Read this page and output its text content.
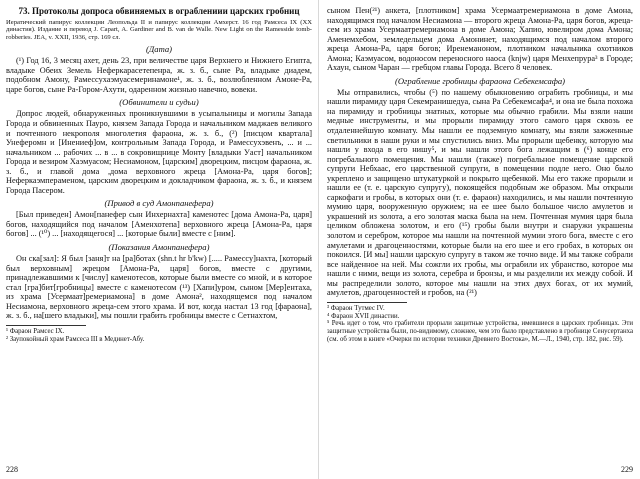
73. Протоколы допроса обвиняемых в ограблениии царских гробниц

Иератический папирус коллекции Леопольда II и папирус коллекции Амхерст. 16 год Рамсеса IX (XX династия). Издание и перевод J. Capart, A. Gardiner and B. van de Walle. New Light on the Ramesside tomb-robberies. JEA, v. XXII, 1936, стр. 169 сл.

(Дата)

(¹) Год 16, 3 месяц ахет, день 23, при величестве царя Верхнего и Нижнего Египта, владыке Обеих Земель Неферкарасетепенра, ж. з. б., сыне Ра, владыке диадем, подобном Амону, Рамессухаэмуасемеринамоне¹, ж. з. б., возлюбленном Амоне-Ра, царе богов, сыне Ра-Гором-Ахути, одаренном жизнью навечно, вовеки.

(Обвинители и судьи)

Допрос людей, обнаруженных проникнувшими в усыпальницы и могилы Запада Города и обвиненных Пауро, князем Запада Города и начальником маджаев великого и почтенного некрополя многолетия фараона, ж. з. б., (²) [писцом квартала] Унеферомн и [Инениеф]ом, контрольным Запада Города, и Рамессухэвенъ, ... и ... начальником ... рабочих ... в ... в сокровищнице Монту [владыки Уаст] начальником Города и везиром Хаэмуасом; Несиамоном, [царским] дворецким, писцом фараона, ж. з. б., и главой дома ,дома верховного жреца [Амона-Ра, царя богов]; Неферкаэмпераменом, царским дворецким и докладчиком фараона, ж. з. б., и князем Города Пасером.

(Привод в суд Амонпанефера)

[Был приведен] Амон[панефер сын Инхернахта] каменотес [дома Амона-Ра, царя] богов, находящийся под началом [Аменхотепа] верховного жреца [Амона-Ра, царя богов] ... (¹⁰) ... [находящегося] ... [которые были] вместе с [ним].

(Показания Амонпанефера)

Он ска[зал]: Я был [заня]т на [ра]ботах (shn.t hr b'kw) [..... Рамессу]нахта, [который был верховным] жрецом [Амона-Ра, царя] богов, вместе с другими, принадлежавшими к [числу] каменотесов, которые были вместе со мной, и в которое стал [гра]бит[гробницы] вместе с каменотесом (¹³) [Хапи]уром, сыном [Мер]ентаха, из храма [Усермаат]ремериамона] в доме Амона², находящемся под началом Несиамона, верховного жреца-сем этого храма. И вот, когда настал 13 год [фараона], ж. з. б., на[шего владыки], мы пошли грабить гробницы вместе с Сетнахтом,

¹ Фараон Рамсес IX.

² Заупокойный храм Рамсеса III в Мединет-Абу.

228

сыном Пен(²¹) анкета, [плотником] храма Усермаатремериамона в доме Амона, находящимся под началом Несиамона — второго жреца Амона-Ра, царя богов, жреца-сем из храма Усермаатремериамона в доме Амона; Хапио, ювелиром дома Амона; Аменемхебом, земледельцем дома Амонинет, находящимся под началом второго жреца Амона-Ра, царя богов; Иренеманоном, плотником начальника охотников Амона; Каэмуасом, водоносом переносного наоса (knjw) царя Менхепрура³ в Городе; Ахаун, сыном Чаран — гребцом главы Города. Всего 8 человек.

(Ограбление гробницы фараона Себекемсафа)

Мы отправились, чтобы (⁵) по нашему обыкновению ограбить гробницы, и мы нашли пирамиду царя Секемранишедуа, сына Ра Себекемсафа⁴, и она не была похожа на пирамиду и гробницы знатных, которые мы обычно грабили. Мы взяли наши медные инструменты, и мы прорыли пирамиду этого самого царя сквозь ее отдаленнейшую комнату. Мы нашли ее подземную комнату, мы взяли зажженные светильники в наши руки и мы спустились вниз. Мы прорыли щебенку, которую мы нашли у входа в его нишу⁵, и мы нашли этого бога лежащим в (⁶) конце его погребального помещения. Мы нашли (также) погребальное помещение царской супруги Небхаас, его царственной супруги, в помещении подле него. Оно было укреплено и защищено штукатуркой и покрыто щебенкой. Мы его также прорыли и нашли ее (т. е. царскую супругу), покоящейся подобным же образом. Мы открыли саркофаги и гробы, в которых они (т. е. фараон) находились, и мы нашли почтенную мумию царя, вооруженную оружием; на ее шее было большое число амулетов и украшений из золота, а его золотая маска была на нем. Почтенная мумия царя была целиком обложена золотом, и его (¹⁵) гробы были внутри и снаружи украшены золотом и серебром, которое мы нашли на почтенной мумии этого бога, вместе с его амулетами и драгоценностями, которые были на его шее и его гробах, в которых он покоился. [И мы] нашли царскую супругу в таком же точно виде. И мы также собрали все найденное на ней. Мы сожгли их гробы, мы ограбили их убранство, которое мы нашли с ними, вещи из золота, серебра и бронзы, и мы разделили их между собой. И мы распределили золото, которое мы нашли на этих двух богах, от их мумий, амулетов, драгоценностей и гробов, на (²¹)

³ Фараон Тутмес IV.

⁴ Фараон XVII династии.

⁵ Речь идет о том, что грабители прорыли защитные устройства, имевшиеся в царских гробницах. Эти защитные устройства были, по-видимому, сложнее, чем это было представлено в гробнице Сенусертанха (см. об этом в книге «Очерки по истории техники Древнего Востока», М.—Л., 1940, стр. 182, рис. 59).

229
